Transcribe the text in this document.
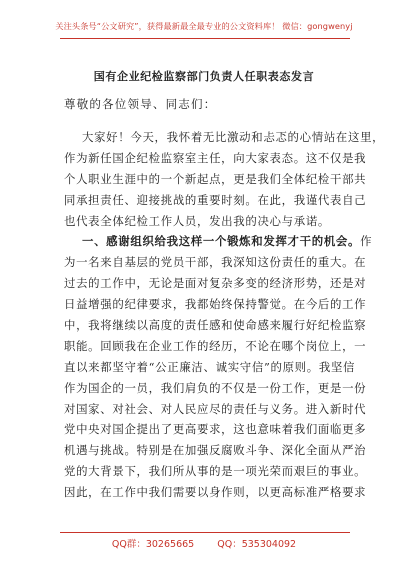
关注头条号“公文研究”，获得最新最全最专业的公文资料库！ 微信：gongwenyj
国有企业纪检监察部门负责人任职表态发言
尊敬的各位领导、同志们：
大家好！今天，我怀着无比激动和忐忑的心情站在这里，
作为新任国企纪检监察室主任，向大家表态。这不仅是我
个人职业生涯中的一个新起点，更是我们全体纪检干部共
同承担责任、迎接挑战的重要时刻。在此，我谨代表自己
也代表全体纪检工作人员，发出我的决心与承诺。
一、感谢组织给我这样一个锻炼和发挥才干的机会。作
为一名来自基层的党员干部，我深知这份责任的重大。在
过去的工作中，无论是面对复杂多变的经济形势，还是对
日益增强的纪律要求，我都始终保持警觉。在今后的工作
中，我将继续以高度的责任感和使命感来履行好纪检监察
职能。回顾我在企业工作的经历，不论在哪个岗位上，一
直以来都坚守着“公正廉洁、诚实守信”的原则。我坚信
作为国企的一员，我们肩负的不仅是一份工作，更是一份
对国家、对社会、对人民应尽的责任与义务。进入新时代
党中央对国企提出了更高要求，这也意味着我们面临更多
机遇与挑战。特别是在加强反腐败斗争、深化全面从严治
党的大背景下，我们所从事的是一项光荣而艰巨的事业。
因此，在工作中我们需要以身作则，以更高标准严格要求
QQ群：30265665 QQ：535304092
